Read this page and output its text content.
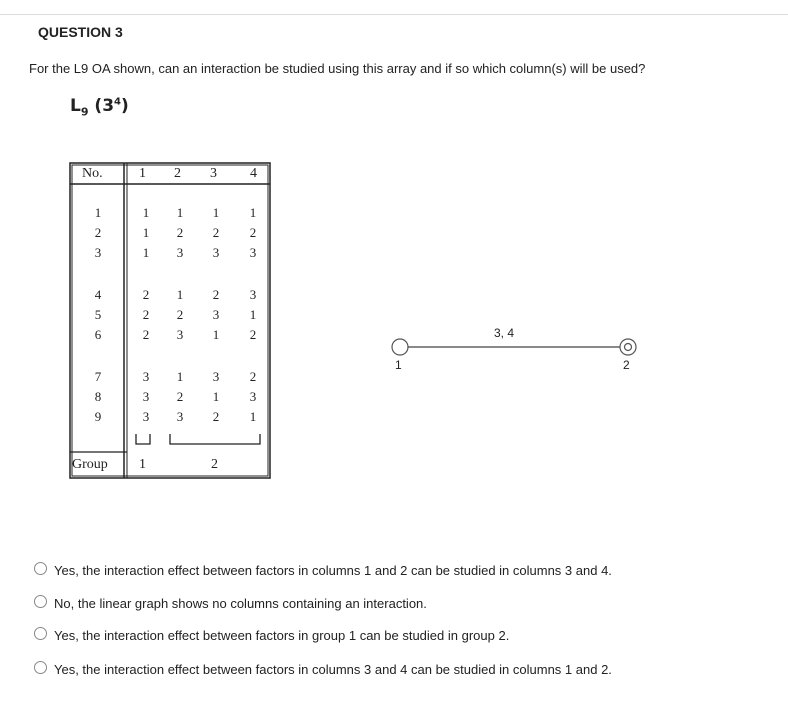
QUESTION 3
For the L9 OA shown, can an interaction be studied using this array and if so which column(s) will be used?
$L_9$ $(3^4)$
No.	1 2 3 4
1	1	1	1	1
2	1	2	2	2
3	1	3	3	3
4	2	1	2	3
5	2	2	3	1
6	2	3	1	2
7	3	1	3	2
8	3	2	1	3
9	3	3	2	1
Group 1	2
3, 4
1	2
Yes, the interaction effect between factors in columns 1 and 2 can be studied in columns 3 and 4.
No, the linear graph shows no columns containing an interaction.
Yes, the interaction effect between factors in group 1 can be studied in group 2.
Yes, the interaction effect between factors in columns 3 and 4 can be studied in columns 1 and 2.
